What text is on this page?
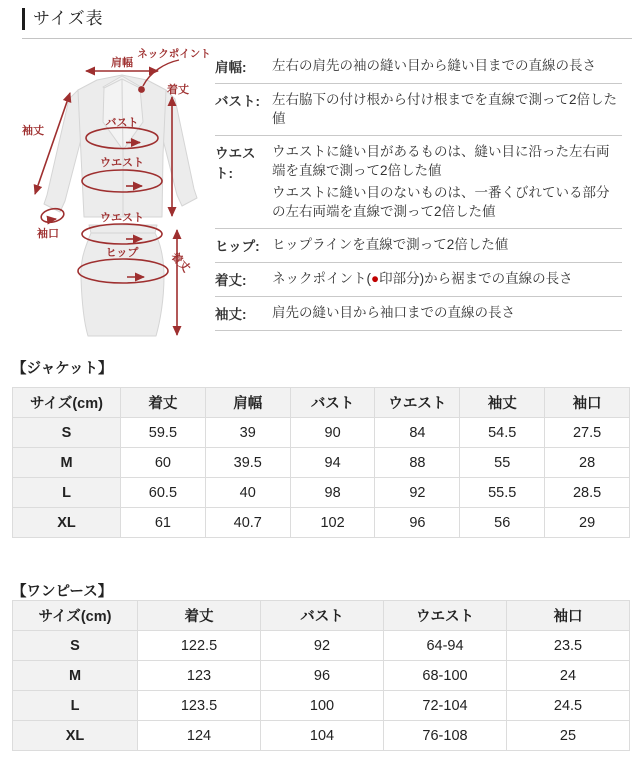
サイズ表
肩幅
ネックポイント
着丈
袖丈
バスト
ウエスト
袖口
ウエスト
ヒップ	着丈
肩幅:	左右の肩先の袖の縫い目から縫い目までの直線の長さ
バスト: 左右脇下の付け根から付け根までを直線で測って2倍した値
ウエスト:
ウエストに縫い目があるものは、縫い目に沿った左右両端を直線で測って2倍した値
ウエストに縫い目のないものは、一番くびれている部分の左右両端を直線で測って2倍した値
ヒップ: ヒップラインを直線で測って2倍した値
着丈:	ネックポイント(●印部分)から裾までの直線の長さ
袖丈:	肩先の縫い目から袖口までの直線の長さ
【ジャケット】
サイズ(cm)	着丈	肩幅	バスト	ウエスト	袖丈	袖口
S	59.5	39	90	84	54.5	27.5
M	60	39.5	94	88	55	28
L	60.5	40	98	92	55.5	28.5
XL	61	40.7	102	96	56	29
【ワンピース】
サイズ(cm)	着丈	バスト	ウエスト	袖口
S	122.5	92	64-94	23.5
M	123	96	68-100	24
L	123.5	100	72-104	24.5
XL	124	104	76-108	25
